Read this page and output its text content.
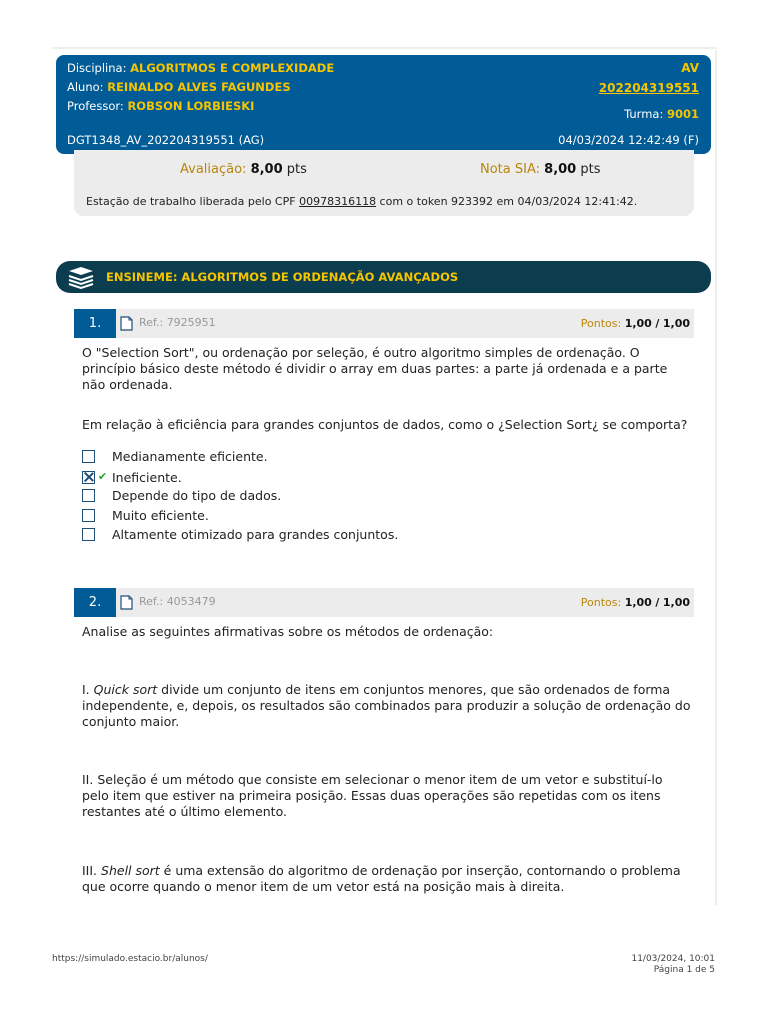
Disciplina: ALGORITMOS E COMPLEXIDADE
Aluno: REINALDO ALVES FAGUNDES
Professor: ROBSON LORBIESKI
AV
202204319551
Turma: 9001
DGT1348_AV_202204319551 (AG)	04/03/2024 12:42:49 (F)
Avaliação: 8,00 pts	Nota SIA: 8,00 pts
Estação de trabalho liberada pelo CPF 00978316118 com o token 923392 em 04/03/2024 12:41:42.
ENSINEME: ALGORITMOS DE ORDENAÇÃO AVANÇADOS
1.	Ref.: 7925951	Pontos: 1,00 / 1,00
O "Selection Sort", ou ordenação por seleção, é outro algoritmo simples de ordenação. O princípio básico deste método é dividir o array em duas partes: a parte já ordenada e a parte não ordenada.
Em relação à eficiência para grandes conjuntos de dados, como o ¿Selection Sort¿ se comporta?
Medianamente eficiente.
✔ Ineficiente.
Depende do tipo de dados.
Muito eficiente.
Altamente otimizado para grandes conjuntos.
2.	Ref.: 4053479	Pontos: 1,00 / 1,00
Analise as seguintes afirmativas sobre os métodos de ordenação:
I. Quick sort divide um conjunto de itens em conjuntos menores, que são ordenados de forma independente, e, depois, os resultados são combinados para produzir a solução de ordenação do conjunto maior.
II. Seleção é um método que consiste em selecionar o menor item de um vetor e substituí-lo pelo item que estiver na primeira posição. Essas duas operações são repetidas com os itens restantes até o último elemento.
III. Shell sort é uma extensão do algoritmo de ordenação por inserção, contornando o problema que ocorre quando o menor item de um vetor está na posição mais à direita.
https://simulado.estacio.br/alunos/	11/03/2024, 10:01
Página 1 de 5
